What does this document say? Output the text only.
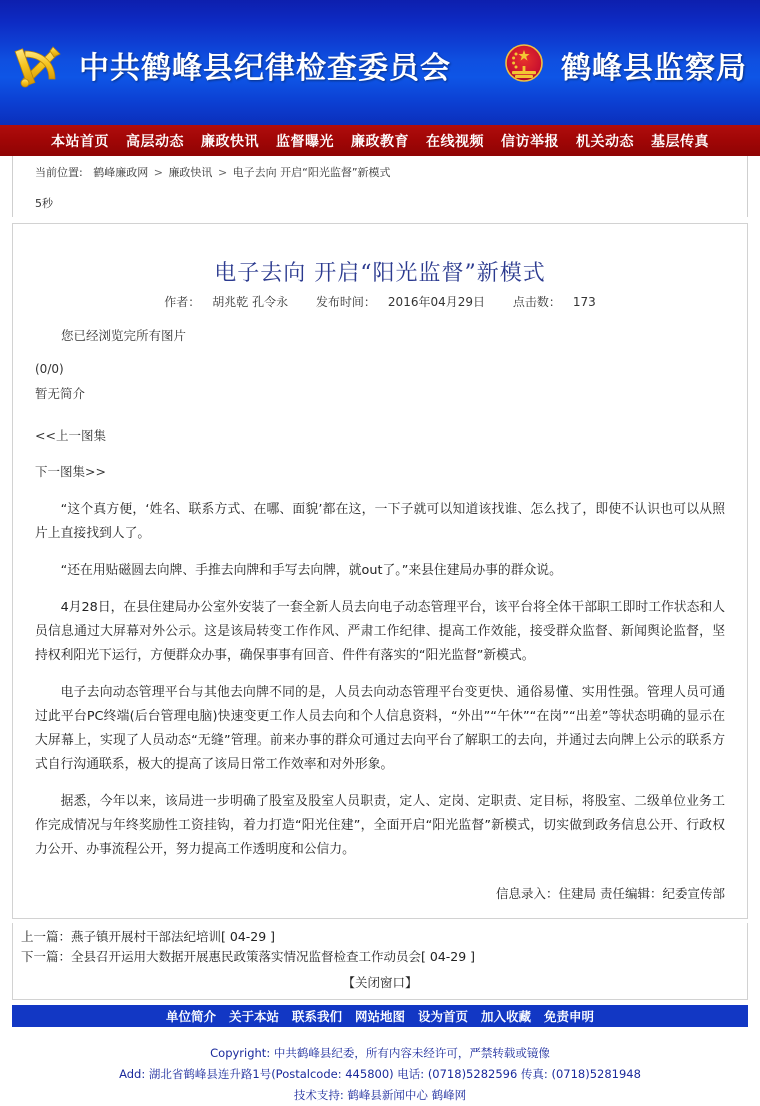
中共鹤峰县纪律检查委员会	鹤峰县监察局
本站首页 高层动态 廉政快讯 监督曝光 廉政教育 在线视频 信访举报 机关动态 基层传真
当前位置: 鹤峰廉政网 > 廉政快讯 > 电子去向 开启“阳光监督”新模式
5秒
电子去向 开启“阳光监督”新模式
作者： 胡兆乾 孔令永 发布时间： 2016年04月29日 点击数： 173
您已经浏览完所有图片
(0/0)
暂无简介
<<上一图集
下一图集>>

“这个真方便，‘姓名、联系方式、在哪、面貌’都在这，一下子就可以知道该找谁、怎么找了，即使不认识也可以从照片上直接找到人了。

“还在用贴磁圆去向牌、手推去向牌和手写去向牌，就out了。”来县住建局办事的群众说。

4月28日，在县住建局办公室外安装了一套全新人员去向电子动态管理平台，该平台将全体干部职工即时工作状态和人员信息通过大屏幕对外公示。这是该局转变工作作风、严肃工作纪律、提高工作效能，接受群众监督、新闻舆论监督，坚持权利阳光下运行，方便群众办事，确保事事有回音、件件有落实的“阳光监督”新模式。

电子去向动态管理平台与其他去向牌不同的是，人员去向动态管理平台变更快、通俗易懂、实用性强。管理人员可通过此平台PC终端(后台管理电脑)快速变更工作人员去向和个人信息资料，“外出”“午休”“在岗”“出差”等状态明确的显示在大屏幕上，实现了人员动态“无缝”管理。前来办事的群众可通过去向平台了解职工的去向，并通过去向牌上公示的联系方式自行沟通联系，极大的提高了该局日常工作效率和对外形象。

据悉，今年以来，该局进一步明确了股室及股室人员职责，定人、定岗、定职责、定目标，将股室、二级单位业务工作完成情况与年终奖励性工资挂钩，着力打造“阳光住建”，全面开启“阳光监督”新模式，切实做到政务信息公开、行政权力公开、办事流程公开，努力提高工作透明度和公信力。

信息录入：住建局 责任编辑：纪委宣传部
上一篇：燕子镇开展村干部法纪培训[ 04-29 ]
下一篇：全县召开运用大数据开展惠民政策落实情况监督检查工作动员会[ 04-29 ]
【关闭窗口】
单位简介 关于本站 联系我们 网站地图 设为首页 加入收藏 免责申明
Copyright: 中共鹤峰县纪委，所有内容未经许可，严禁转载或镜像
Add: 湖北省鹤峰县连升路1号(Postalcode: 445800) 电话: (0718)5282596 传真: (0718)5281948
技术支持: 鹤峰县新闻中心 鹤峰网
